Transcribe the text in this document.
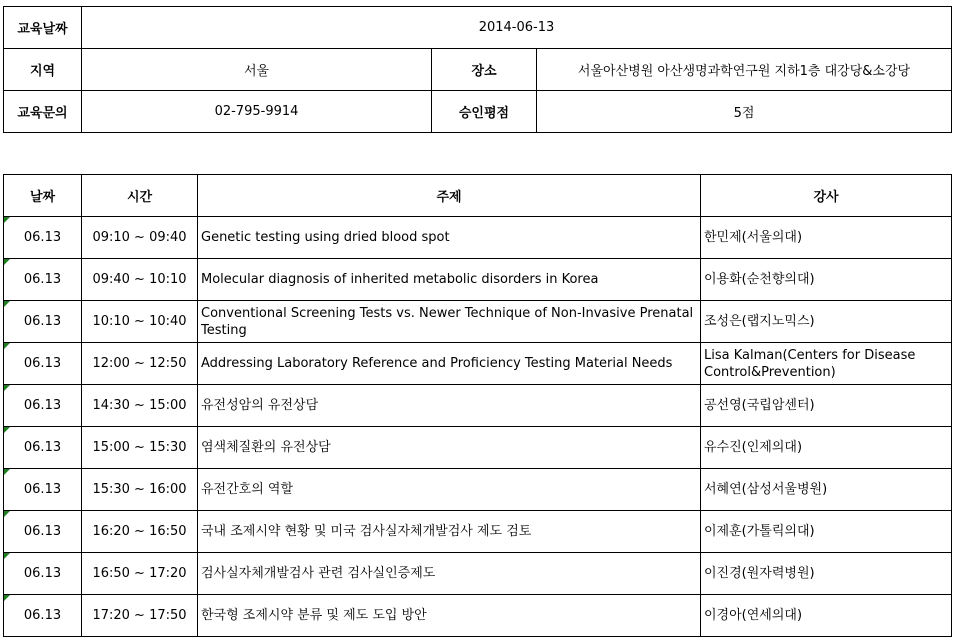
교육날짜	2014-06-13		
지역	서울	장소	서울아산병원 아산생명과학연구원 지하1층 대강당&소강당
교육문의	02-795-9914	승인평점	5점
날짜	시간	주제	강사

06.13	09:10 ~ 09:40	Genetic testing using dried blood spot	한민제(서울의대)

06.13	09:40 ~ 10:10	Molecular diagnosis of inherited metabolic disorders in Korea	이용화(순천향의대)

06.13	10:10 ~ 10:40	Conventional Screening Tests vs. Newer Technique of Non-Invasive Prenatal Testing	조성은(랩지노믹스)

06.13	12:00 ~ 12:50	Addressing Laboratory Reference and Proficiency Testing Material Needs	Lisa Kalman(Centers for Disease Control&Prevention)

06.13	14:30 ~ 15:00	유전성암의 유전상담	공선영(국립암센터)

06.13	15:00 ~ 15:30	염색체질환의 유전상담	유수진(인제의대)

06.13	15:30 ~ 16:00	유전간호의 역할	서혜연(삼성서울병원)

06.13	16:20 ~ 16:50	국내 조제시약 현황 및 미국 검사실자체개발검사 제도 검토	이제훈(가톨릭의대)

06.13	16:50 ~ 17:20	검사실자체개발검사 관련 검사실인증제도	이진경(원자력병원)

06.13	17:20 ~ 17:50	한국형 조제시약 분류 및 제도 도입 방안	이경아(연세의대)
